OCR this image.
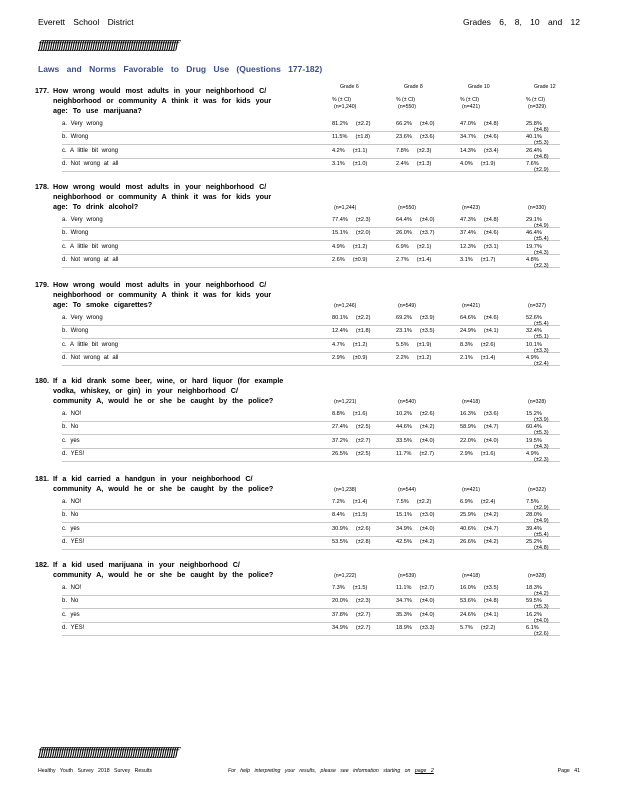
Everett School District	Grades 6, 8, 10 and 12
ƒƒƒƒƒƒƒƒƒƒƒƒƒƒƒƒƒƒƒƒƒƒƒƒƒƒƒƒƒƒƒƒƒƒƒƒƒƒƒƒƒƒƒƒƒƒƒƒƒƒƒƒƒƒƒƒƒƒƒƒƒƒ
Laws and Norms Favorable to Drug Use (Questions 177-182)
177. How wrong would most adults in your neighborhood C/
neighborhood or community A think it was for kids your
age: To use marijuana?
Grade 6
% (± CI)
Grade 8
% (± CI)
Grade 10
% (± CI)
Grade 12
% (± CI)
(n=1,240)	(n=550)	(n=421)	(n=329)
a. Very wrong	81.2% (±2.2)	66.2% (±4.0)	47.0% (±4.8)	25.8%(±4.8)
b. Wrong	11.5% (±1.8)	23.6% (±3.6)	34.7% (±4.6)	40.1%(±5.3)
c. A little bit wrong	4.2% (±1.1)	7.8% (±2.3)	14.3% (±3.4)	26.4%(±4.8)
d. Not wrong at all	3.1% (±1.0)	2.4% (±1.3)	4.0% (±1.9)	7.6%(±2.9)
178. How wrong would most adults in your neighborhood C/
neighborhood or community A think it was for kids your
age: To drink alcohol?	(n=1,244)	(n=550)	(n=423)	(n=330)
a. Very wrong	77.4% (±2.3)	64.4% (±4.0)	47.3% (±4.8)	29.1%(±4.9)
b. Wrong	15.1% (±2.0)	26.0% (±3.7)	37.4% (±4.6)	46.4%(±5.4)
c. A little bit wrong	4.9% (±1.2)	6.9% (±2.1)	12.3% (±3.1)	19.7%(±4.3)
d. Not wrong at all	2.6% (±0.9)	2.7% (±1.4)	3.1% (±1.7)	4.8%(±2.3)
179. How wrong would most adults in your neighborhood C/
neighborhood or community A think it was for kids your
age: To smoke cigarettes?	(n=1,246)	(n=549)	(n=421)	(n=327)
a. Very wrong	80.1% (±2.2)	69.2% (±3.9)	64.6% (±4.6)	52.6%(±5.4)
b. Wrong	12.4% (±1.8)	23.1% (±3.5)	24.9% (±4.1)	32.4%(±5.1)
c. A little bit wrong	4.7% (±1.2)	5.5% (±1.9)	8.3% (±2.6)	10.1%(±3.3)
d. Not wrong at all	2.9% (±0.9)	2.2% (±1.2)	2.1% (±1.4)	4.9%(±2.4)
180. If a kid drank some beer, wine, or hard liquor (for example
vodka, whiskey, or gin) in your neighborhood C/
community A, would he or she be caught by the police?	(n=1,221)	(n=540)	(n=418)	(n=328)
a. NO!	8.8% (±1.6)	10.2% (±2.6)	16.3% (±3.6)	15.2%(±3.9)
b. No	27.4% (±2.5)	44.6% (±4.2)	58.9% (±4.7)	60.4%(±5.3)
c. yes	37.2% (±2.7)	33.5% (±4.0)	22.0% (±4.0)	19.5%(±4.3)
d. YES!	26.5% (±2.5)	11.7% (±2.7)	2.9% (±1.6)	4.9%(±2.3)
181. If a kid carried a handgun in your neighborhood C/
community A, would he or she be caught by the police?	(n=1,238)	(n=544)	(n=421)	(n=322)
a. NO!	7.2% (±1.4)	7.5% (±2.2)	6.9% (±2.4)	7.5%(±2.9)
b. No	8.4% (±1.5)	15.1% (±3.0)	25.9% (±4.2)	28.0%(±4.9)
c. yes	30.9% (±2.6)	34.9% (±4.0)	40.6% (±4.7)	39.4%(±5.4)
d. YES!	53.5% (±2.8)	42.5% (±4.2)	26.6% (±4.2)	25.2%(±4.8)
182. If a kid used marijuana in your neighborhood C/
community A, would he or she be caught by the police?	(n=1,222)	(n=539)	(n=418)	(n=328)
a. NO!	7.3% (±1.5)	11.1% (±2.7)	16.0% (±3.5)	18.3%(±4.2)
b. No	20.0% (±2.3)	34.7% (±4.0)	53.6% (±4.8)	59.5%(±5.3)
c. yes	37.8% (±2.7)	35.3% (±4.0)	24.6% (±4.1)	16.2%(±4.0)
d. YES!	34.9% (±2.7)	18.9% (±3.3)	5.7% (±2.2)	6.1%(±2.6)
ƒƒƒƒƒƒƒƒƒƒƒƒƒƒƒƒƒƒƒƒƒƒƒƒƒƒƒƒƒƒƒƒƒƒƒƒƒƒƒƒƒƒƒƒƒƒƒƒƒƒƒƒƒƒƒƒƒƒƒƒƒƒ
Healthy Youth Survey 2018 Survey Results	For help interpreting your results, please see information starting on page 2	Page 41
